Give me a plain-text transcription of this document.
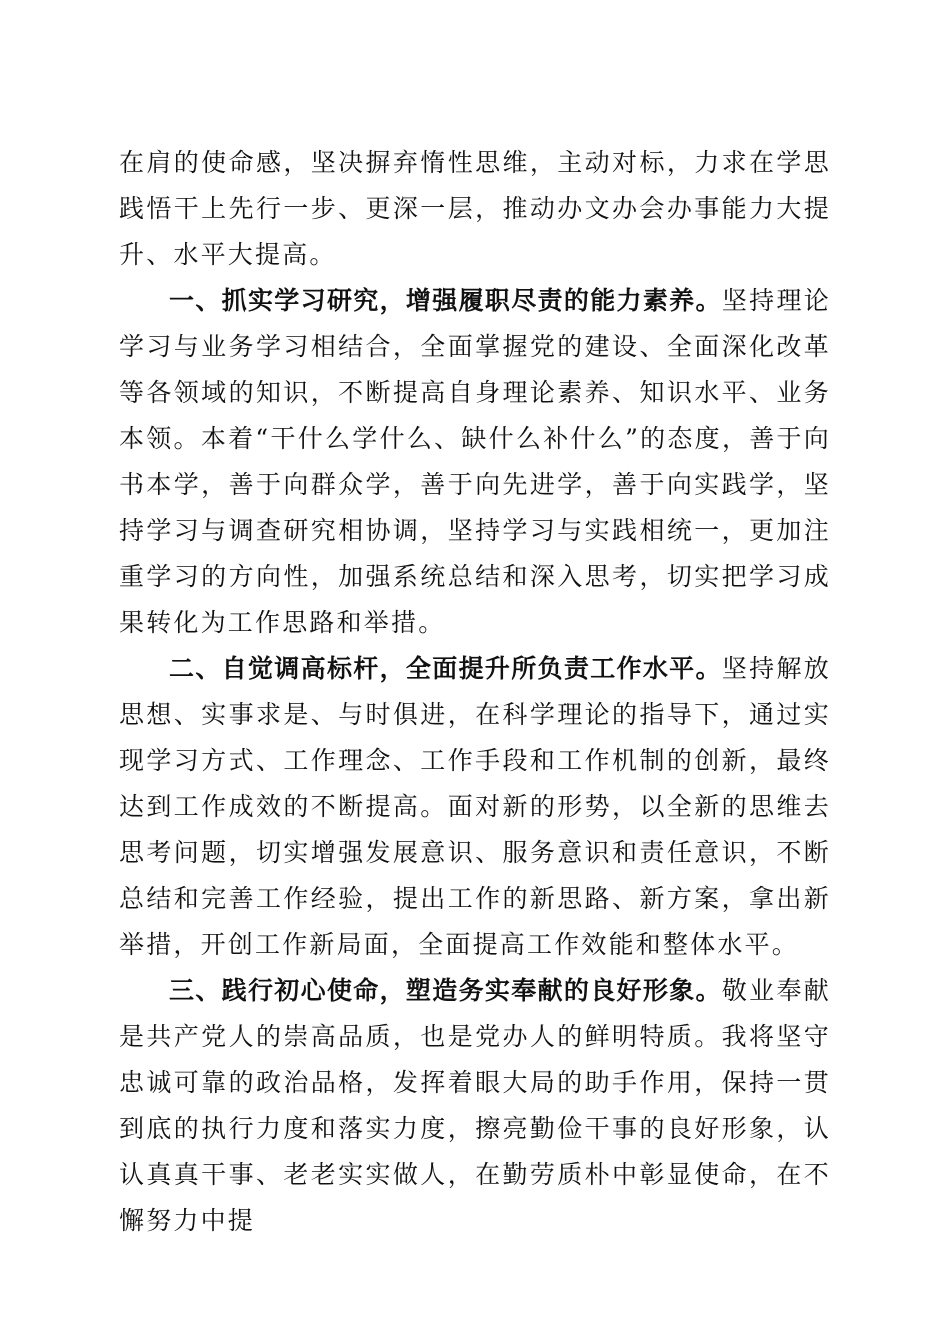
在肩的使命感，坚决摒弃惰性思维，主动对标，力求在学思践悟干上先行一步、更深一层，推动办文办会办事能力大提升、水平大提高。

一、抓实学习研究，增强履职尽责的能力素养。坚持理论学习与业务学习相结合，全面掌握党的建设、全面深化改革等各领域的知识，不断提高自身理论素养、知识水平、业务本领。本着“干什么学什么、缺什么补什么”的态度，善于向书本学，善于向群众学，善于向先进学，善于向实践学，坚持学习与调查研究相协调，坚持学习与实践相统一，更加注重学习的方向性，加强系统总结和深入思考，切实把学习成果转化为工作思路和举措。

二、自觉调高标杆，全面提升所负责工作水平。坚持解放思想、实事求是、与时俱进，在科学理论的指导下，通过实现学习方式、工作理念、工作手段和工作机制的创新，最终达到工作成效的不断提高。面对新的形势，以全新的思维去思考问题，切实增强发展意识、服务意识和责任意识，不断总结和完善工作经验，提出工作的新思路、新方案，拿出新举措，开创工作新局面，全面提高工作效能和整体水平。

三、践行初心使命，塑造务实奉献的良好形象。敬业奉献是共产党人的崇高品质，也是党办人的鲜明特质。我将坚守忠诚可靠的政治品格，发挥着眼大局的助手作用，保持一贯到底的执行力度和落实力度，擦亮勤俭干事的良好形象，认认真真干事、老老实实做人，在勤劳质朴中彰显使命，在不懈努力中提
